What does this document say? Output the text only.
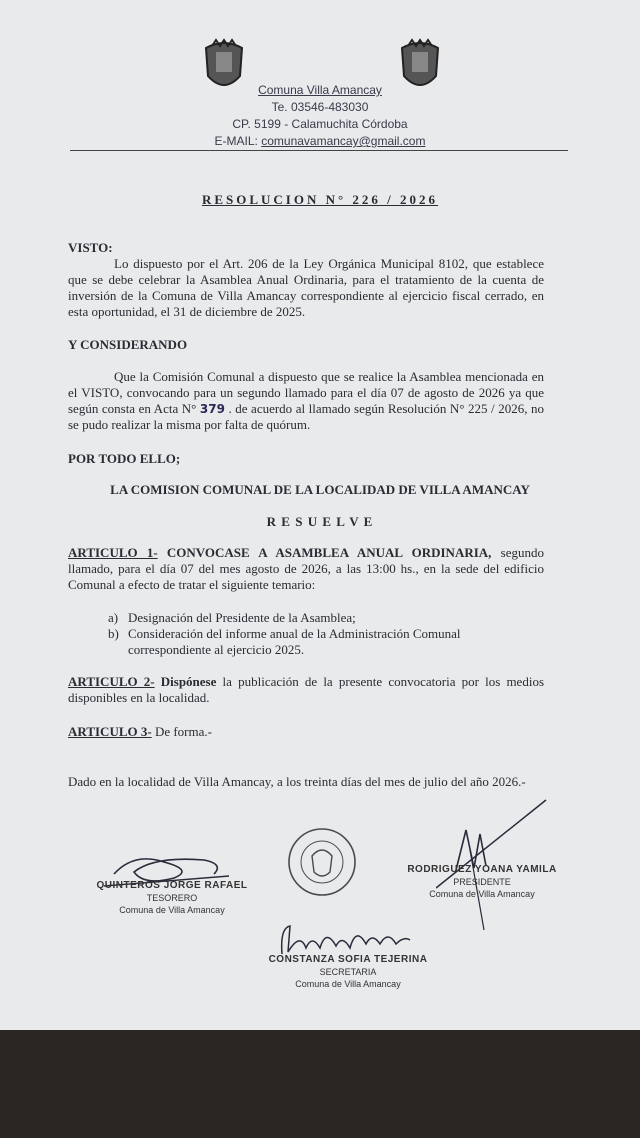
Comuna Villa Amancay
Te. 03546-483030
CP. 5199 - Calamuchita Córdoba
E-MAIL: comunavamancay@gmail.com
RESOLUCION N° 226 / 2026
VISTO:
Lo dispuesto por el Art. 206 de la Ley Orgánica Municipal 8102, que establece que se debe celebrar la Asamblea Anual Ordinaria, para el tratamiento de la cuenta de inversión de la Comuna de Villa Amancay correspondiente al ejercicio fiscal cerrado, en esta oportunidad, el 31 de diciembre de 2025.
Y CONSIDERANDO
Que la Comisión Comunal a dispuesto que se realice la Asamblea mencionada en el VISTO, convocando para un segundo llamado para el día 07 de agosto de 2026 ya que según consta en Acta N° 379 . de acuerdo al llamado según Resolución N° 225 / 2026, no se pudo realizar la misma por falta de quórum.
POR TODO ELLO;
LA COMISION COMUNAL DE LA LOCALIDAD DE VILLA AMANCAY
R E S U E L V E
ARTICULO 1- CONVOCASE A ASAMBLEA ANUAL ORDINARIA, segundo llamado, para el día 07 del mes agosto de 2026, a las 13:00 hs., en la sede del edificio Comunal a efecto de tratar el siguiente temario:
a) Designación del Presidente de la Asamblea;
b) Consideración del informe anual de la Administración Comunal correspondiente al ejercicio 2025.
ARTICULO 2- Dispónese la publicación de la presente convocatoria por los medios disponibles en la localidad.
ARTICULO 3- De forma.-
Dado en la localidad de Villa Amancay, a los treinta días del mes de julio del año 2026.-
QUINTEROS JORGE RAFAEL
TESORERO
Comuna de Villa Amancay
RODRIGUEZ YOANA YAMILA
PRESIDENTE
Comuna de Villa Amancay
CONSTANZA SOFIA TEJERINA
SECRETARIA
Comuna de Villa Amancay
